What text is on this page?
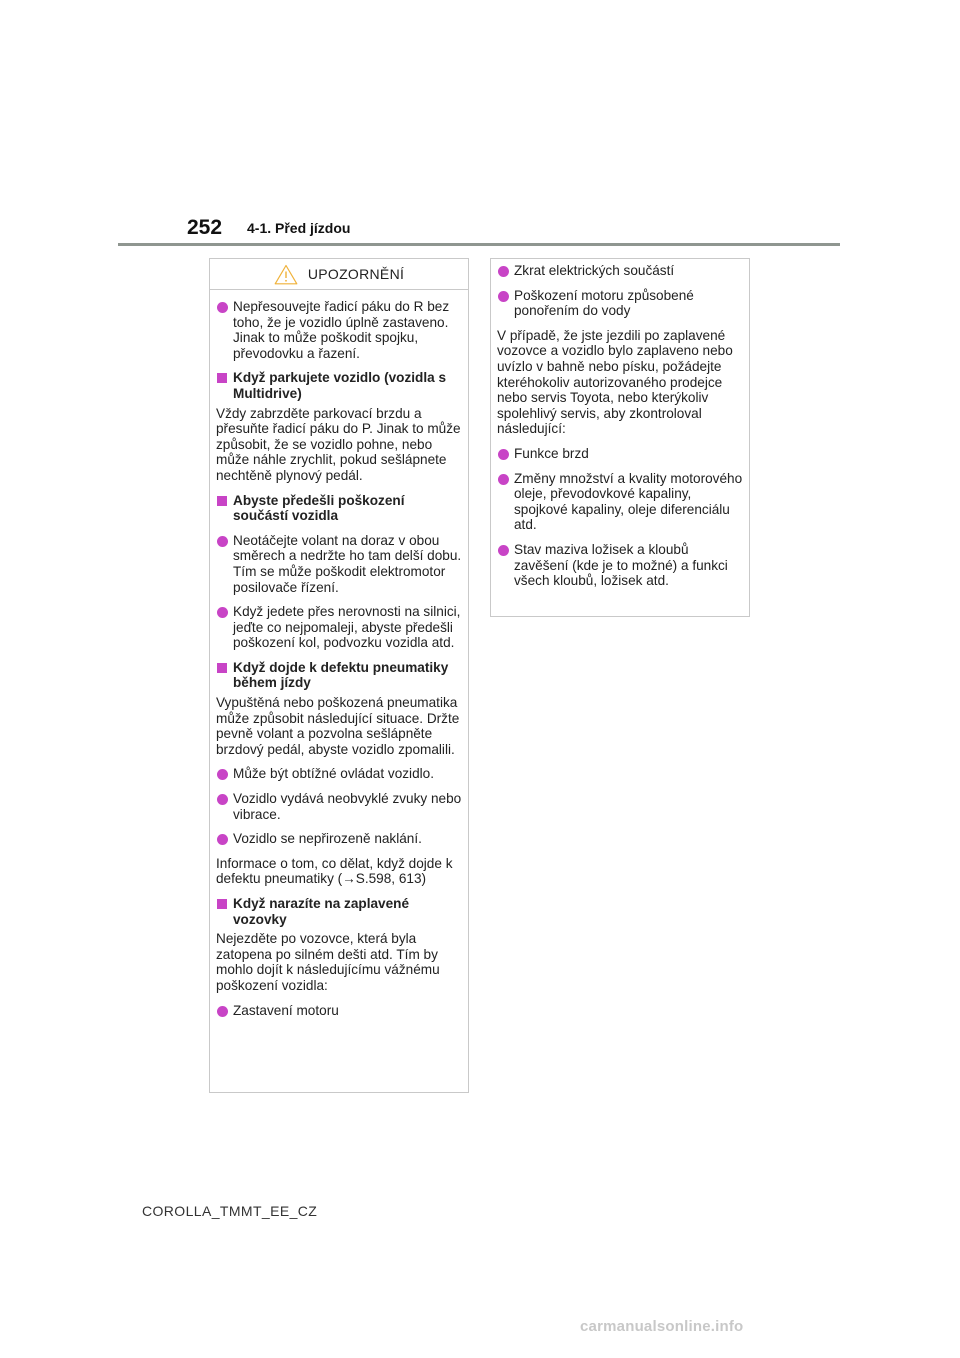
252 4-1. Před jízdou
UPOZORNĚNÍ
Nepřesouvejte řadicí páku do R bez toho, že je vozidlo úplně zastaveno. Jinak to může poškodit spojku, převodovku a řazení.
Když parkujete vozidlo (vozidla s Multidrive)
Vždy zabrzděte parkovací brzdu a přesuňte řadicí páku do P. Jinak to může způsobit, že se vozidlo pohne, nebo může náhle zrychlit, pokud sešlápnete nechtěně plynový pedál.
Abyste předešli poškození součástí vozidla
Neotáčejte volant na doraz v obou směrech a nedržte ho tam delší dobu. Tím se může poškodit elektromotor posilovače řízení.
Když jedete přes nerovnosti na silnici, jeďte co nejpomaleji, abyste předešli poškození kol, podvozku vozidla atd.
Když dojde k defektu pneumatiky během jízdy
Vypuštěná nebo poškozená pneumatika může způsobit následující situace. Držte pevně volant a pozvolna sešlápněte brzdový pedál, abyste vozidlo zpomalili.
Může být obtížné ovládat vozidlo.
Vozidlo vydává neobvyklé zvuky nebo vibrace.
Vozidlo se nepřirozeně naklání.
Informace o tom, co dělat, když dojde k defektu pneumatiky (→S.598, 613)
Když narazíte na zaplavené vozovky
Nejezděte po vozovce, která byla zatopena po silném dešti atd. Tím by mohlo dojít k následujícímu vážnému poškození vozidla:
Zastavení motoru
Zkrat elektrických součástí
Poškození motoru způsobené ponořením do vody
V případě, že jste jezdili po zaplavené vozovce a vozidlo bylo zaplaveno nebo uvízlo v bahně nebo písku, požádejte kteréhokoliv autorizovaného prodejce nebo servis Toyota, nebo kterýkoliv spolehlivý servis, aby zkontroloval následující:
Funkce brzd
Změny množství a kvality motorového oleje, převodovkové kapaliny, spojkové kapaliny, oleje diferenciálu atd.
Stav maziva ložisek a kloubů zavěšení (kde je to možné) a funkci všech kloubů, ložisek atd.
COROLLA_TMMT_EE_CZ
carmanualsonline.info
